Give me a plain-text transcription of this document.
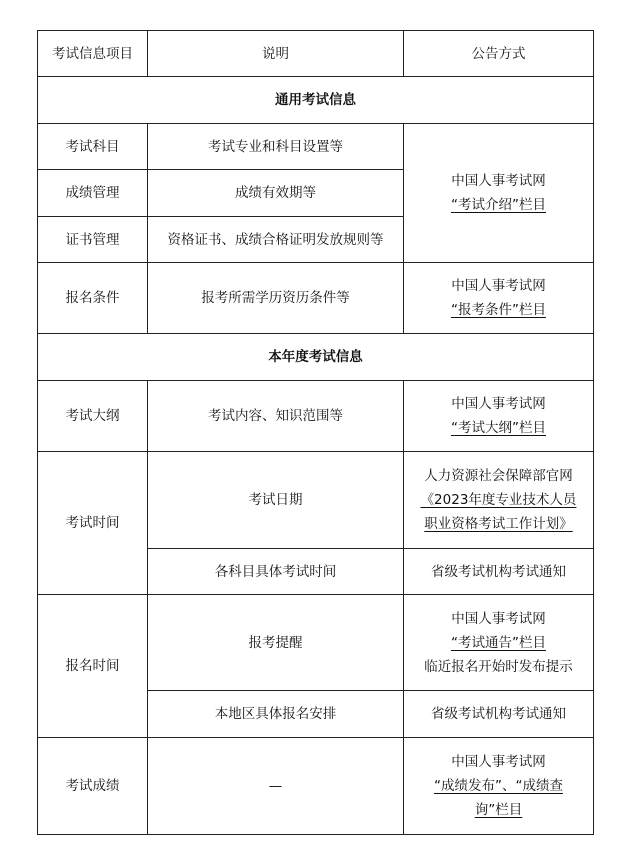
考试信息项目	说明	公告方式
通用考试信息		
考试科目	考试专业和科目设置等	中国人事考试网
“考试介绍”栏目

成绩管理	成绩有效期等	
证书管理	资格证书、成绩合格证明发放规则等	
报名条件	报考所需学历资历条件等	中国人事考试网
“报考条件”栏目

本年度考试信息		
考试大纲	考试内容、知识范围等	中国人事考试网
“考试大纲”栏目

考试时间	考试日期	人力资源社会保障部官网
《2023年度专业技术人员
职业资格考试工作计划》

	各科目具体考试时间	省级考试机构考试通知
报名时间	报考提醒	中国人事考试网
“考试通告”栏目
临近报名开始时发布提示

	本地区具体报名安排	省级考试机构考试通知
考试成绩	—	中国人事考试网
“成绩发布”、“成绩查
询”栏目
